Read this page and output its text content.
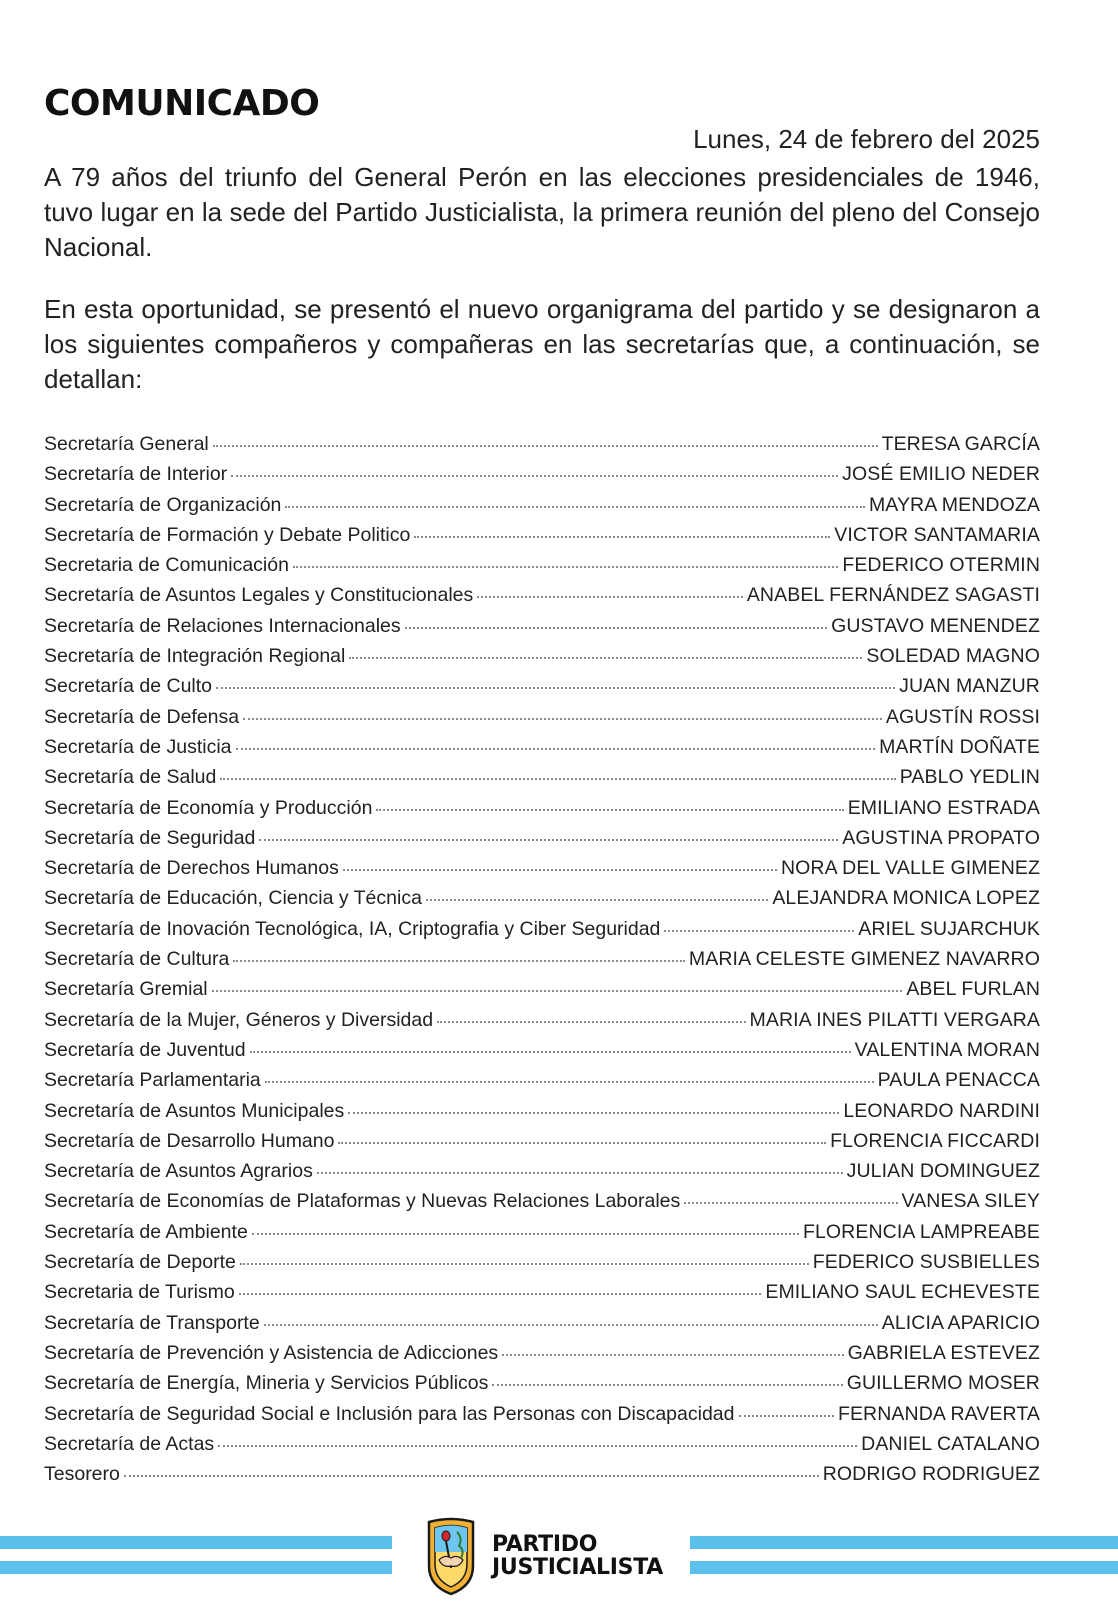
COMUNICADO
Lunes, 24 de febrero del 2025

A 79 años del triunfo del General Perón en las elecciones presidenciales de 1946, tuvo lugar en la sede del Partido Justicialista, la primera reunión del pleno del Consejo Nacional.

En esta oportunidad, se presentó el nuevo organigrama del partido y se designaron a los siguientes compañeros y compañeras en las secretarías que, a continuación, se detallan:

Secretaría General	TERESA GARCÍA
Secretaría de Interior	JOSÉ EMILIO NEDER
Secretaría de Organización	MAYRA MENDOZA
Secretaría de Formación y Debate Politico	VICTOR SANTAMARIA
Secretaria de Comunicación	FEDERICO OTERMIN
Secretaría de Asuntos Legales y Constitucionales	ANABEL FERNÁNDEZ SAGASTI
Secretaría de Relaciones Internacionales	GUSTAVO MENENDEZ
Secretaría de Integración Regional	SOLEDAD MAGNO
Secretaría de Culto	JUAN MANZUR
Secretaría de Defensa	AGUSTÍN ROSSI
Secretaría de Justicia	MARTÍN DOÑATE
Secretaría de Salud	PABLO YEDLIN
Secretaría de Economía y Producción	EMILIANO ESTRADA
Secretaría de Seguridad	AGUSTINA PROPATO
Secretaría de Derechos Humanos	NORA DEL VALLE GIMENEZ
Secretaría de Educación, Ciencia y Técnica	ALEJANDRA MONICA LOPEZ
Secretaría de Inovación Tecnológica, IA, Criptografia y Ciber Seguridad	ARIEL SUJARCHUK
Secretaría de Cultura	MARIA CELESTE GIMENEZ NAVARRO
Secretaría Gremial	ABEL FURLAN
Secretaría de la Mujer, Géneros y Diversidad	MARIA INES PILATTI VERGARA
Secretaría de Juventud	VALENTINA MORAN
Secretaría Parlamentaria	PAULA PENACCA
Secretaría de Asuntos Municipales	LEONARDO NARDINI
Secretaría de Desarrollo Humano	FLORENCIA FICCARDI
Secretaría de Asuntos Agrarios	JULIAN DOMINGUEZ
Secretaría de Economías de Plataformas y Nuevas Relaciones Laborales	VANESA SILEY
Secretaría de Ambiente	FLORENCIA LAMPREABE
Secretaría de Deporte	FEDERICO SUSBIELLES
Secretaria de Turismo	EMILIANO SAUL ECHEVESTE
Secretaría de Transporte	ALICIA APARICIO
Secretaría de Prevención y Asistencia de Adicciones	GABRIELA ESTEVEZ
Secretaría de Energía, Mineria y Servicios Públicos	GUILLERMO MOSER
Secretaría de Seguridad Social e Inclusión para las Personas con Discapacidad	FERNANDA RAVERTA
Secretaría de Actas	DANIEL CATALANO
Tesorero	RODRIGO RODRIGUEZ
PARTIDO
JUSTICIALISTA
